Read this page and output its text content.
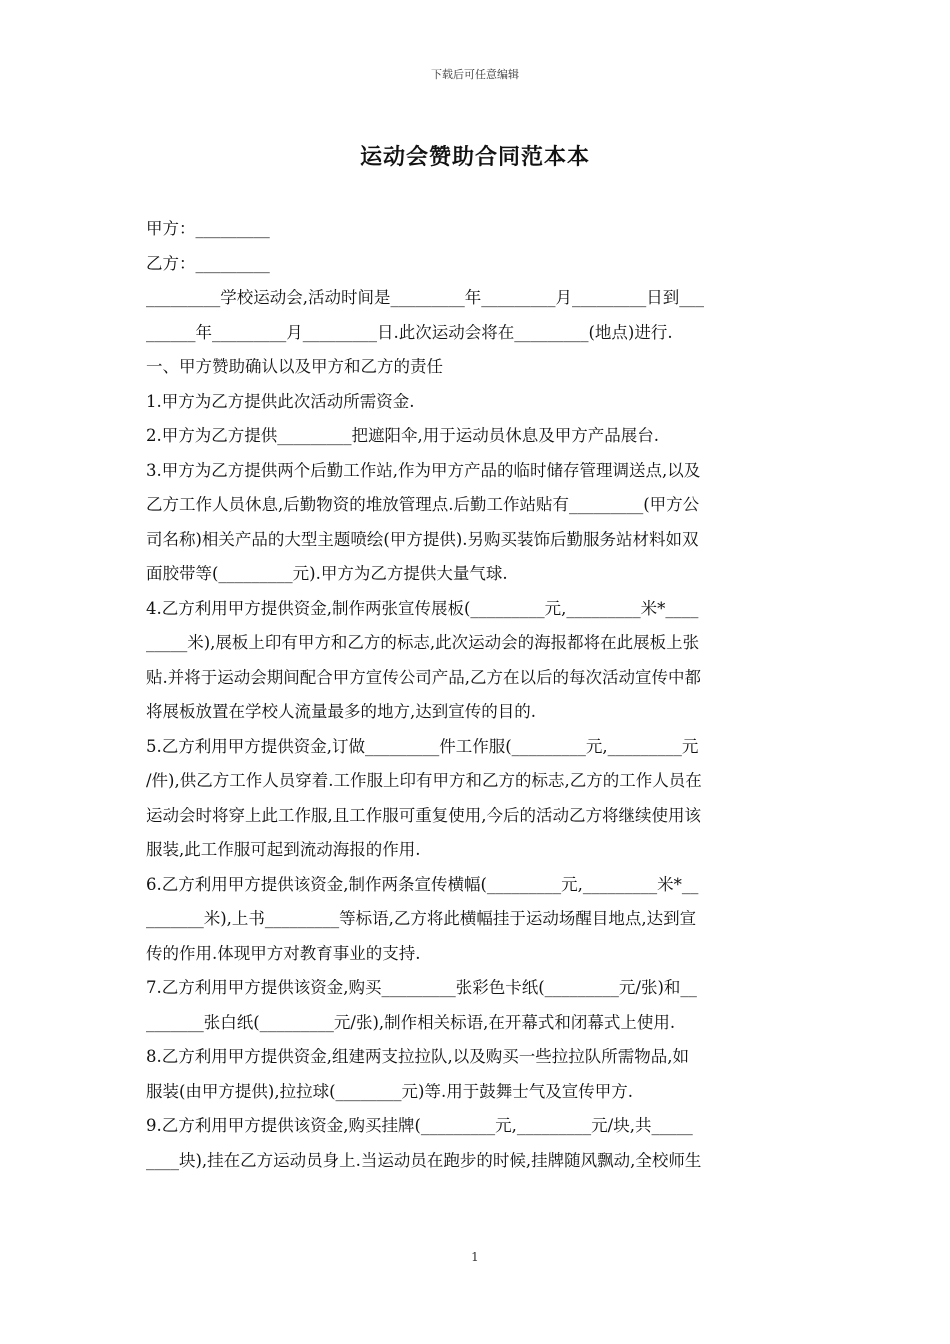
下载后可任意编辑
运动会赞助合同范本本
甲方：_________
乙方：_________
_________学校运动会,活动时间是_________年_________月_________日到___
______年_________月_________日.此次运动会将在_________(地点)进行.
一、甲方赞助确认以及甲方和乙方的责任
1.甲方为乙方提供此次活动所需资金.
2.甲方为乙方提供_________把遮阳伞,用于运动员休息及甲方产品展台.
3.甲方为乙方提供两个后勤工作站,作为甲方产品的临时储存管理调送点,以及
乙方工作人员休息,后勤物资的堆放管理点.后勤工作站贴有_________(甲方公
司名称)相关产品的大型主题喷绘(甲方提供).另购买装饰后勤服务站材料如双
面胶带等(_________元).甲方为乙方提供大量气球.
4.乙方利用甲方提供资金,制作两张宣传展板(_________元,_________米*____
_____米),展板上印有甲方和乙方的标志,此次运动会的海报都将在此展板上张
贴.并将于运动会期间配合甲方宣传公司产品,乙方在以后的每次活动宣传中都
将展板放置在学校人流量最多的地方,达到宣传的目的.
5.乙方利用甲方提供资金,订做_________件工作服(_________元,_________元
/件),供乙方工作人员穿着.工作服上印有甲方和乙方的标志,乙方的工作人员在
运动会时将穿上此工作服,且工作服可重复使用,今后的活动乙方将继续使用该
服装,此工作服可起到流动海报的作用.
6.乙方利用甲方提供该资金,制作两条宣传横幅(_________元,_________米*__
_______米),上书_________等标语,乙方将此横幅挂于运动场醒目地点,达到宣
传的作用.体现甲方对教育事业的支持.
7.乙方利用甲方提供该资金,购买_________张彩色卡纸(_________元/张)和__
_______张白纸(_________元/张),制作相关标语,在开幕式和闭幕式上使用.
8.乙方利用甲方提供资金,组建两支拉拉队,以及购买一些拉拉队所需物品,如
服装(由甲方提供),拉拉球(________元)等.用于鼓舞士气及宣传甲方.
9.乙方利用甲方提供该资金,购买挂牌(_________元,_________元/块,共_____
____块),挂在乙方运动员身上.当运动员在跑步的时候,挂牌随风飘动,全校师生
1
